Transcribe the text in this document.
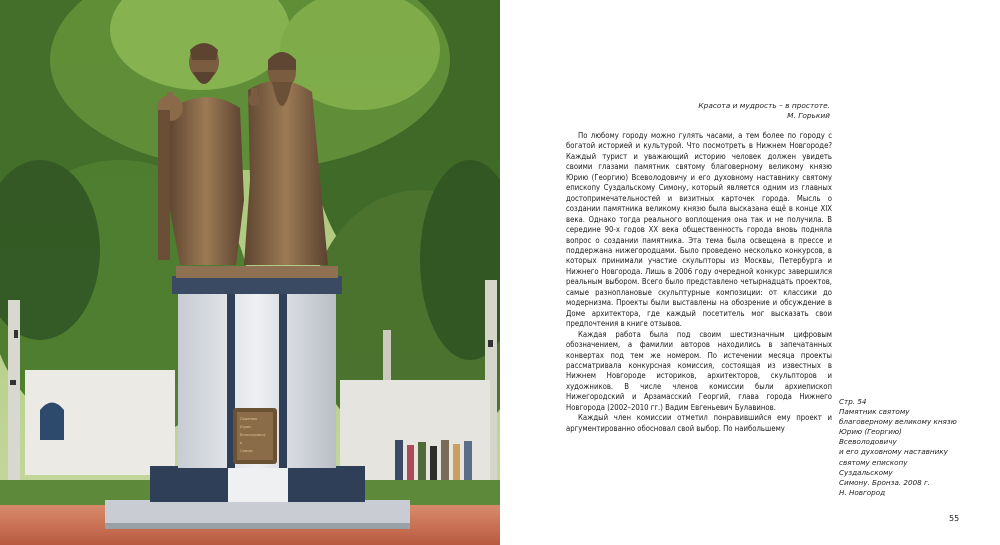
Памятник
Юрию
Всеволодовичу
и
Симону
Красота и мудрость – в простоте.
М. Горький

По любому городу можно гулять часами, а тем более по городу с богатой историей и культурой. Что посмотреть в Нижнем Новгороде? Каждый турист и уважающий историю человек должен увидеть своими глазами памятник святому благоверному великому князю Юрию (Георгию) Всеволодовичу и его духовному наставнику святому епископу Суздальскому Симону, который является одним из главных достопримечательностей и визитных карточек города. Мысль о создании памятника великому князю была высказана ещё в конце XIX века. Однако тогда реального воплощения она так и не получила. В середине 90-х годов XX века общественность города вновь подняла вопрос о создании памятника. Эта тема была освещена в прессе и поддержана нижегородцами. Было проведено несколько конкурсов, в которых принимали участие скульпторы из Москвы, Петербурга и Нижнего Новгорода. Лишь в 2006 году очередной конкурс завершился реальным выбором. Всего было представлено четырнадцать проектов, самые разноплановые скульптурные композиции: от классики до модернизма. Проекты были выставлены на обозрение и обсуждение в Доме архитектора, где каждый посетитель мог высказать свои предпочтения в книге отзывов.

Каждая работа была под своим шестизначным цифровым обозначением, а фамилии авторов находились в запечатанных конвертах под тем же номером. По истечении месяца проекты рассматривала конкурсная комиссия, состоящая из известных в Нижнем Новгороде историков, архитекторов, скульпторов и художников. В числе членов комиссии были архиепископ Нижегородский и Арзамасский Георгий, глава города Нижнего Новгорода (2002–2010 гг.) Вадим Евгеньевич Булавинов.

Каждый член комиссии отметил понравившийся ему проект и аргументированно обосновал свой выбор. По наибольшему

Стр. 54
Памятник святому
благоверному великому князю
Юрию (Георгию) Всеволодовичу
и его духовному наставнику
святому епископу Суздальскому
Симону. Бронза. 2008 г.
Н. Новгород
55
